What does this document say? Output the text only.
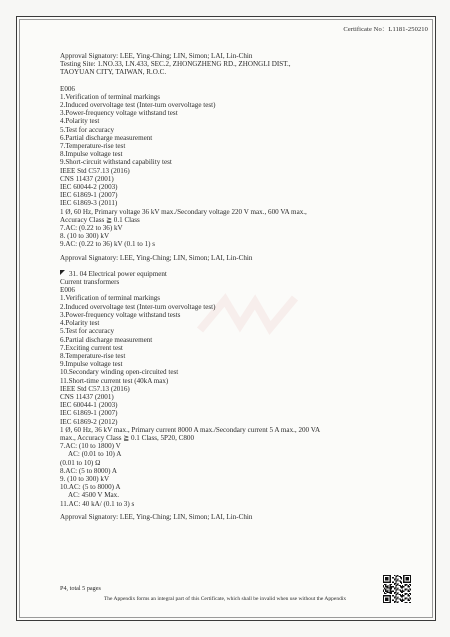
Certificate No：L1181-250210
Approval Signatory: LEE, Ying-Ching; LIN, Simon; LAI, Lin-Chin
Testing Site: 1.NO.33, LN.433, SEC.2, ZHONGZHENG RD., ZHONGLI DIST.,
TAOYUAN CITY, TAIWAN, R.O.C.
E006
1.Verification of terminal markings
2.Induced overvoltage test (Inter-turn overvoltage test)
3.Power-frequency voltage withstand test
4.Polarity test
5.Test for accuracy
6.Partial discharge measurement
7.Temperature-rise test
8.Impulse voltage test
9.Short-circuit withstand capability test
IEEE Std C57.13 (2016)
CNS 11437 (2001)
IEC 60044-2 (2003)
IEC 61869-1 (2007)
IEC 61869-3 (2011)
1 Ø, 60 Hz, Primary voltage 36 kV max./Secondary voltage 220 V max., 600 VA max.,
Accuracy Class ≧ 0.1 Class
7.AC: (0.22 to 36) kV
8. (10 to 300) kV
9.AC: (0.22 to 36) kV (0.1 to 1) s
Approval Signatory: LEE, Ying-Ching; LIN, Simon; LAI, Lin-Chin
31. 04 Electrical power equipment
Current transformers
E006
1.Verification of terminal markings
2.Induced overvoltage test (Inter-turn overvoltage test)
3.Power-frequency voltage withstand tests
4.Polarity test
5.Test for accuracy
6.Partial discharge measurement
7.Exciting current test
8.Temperature-rise test
9.Impulse voltage test
10.Secondary winding open-circuited test
11.Short-time current test (40kA max)
IEEE Std C57.13 (2016)
CNS 11437 (2001)
IEC 60044-1 (2003)
IEC 61869-1 (2007)
IEC 61869-2 (2012)
1 Ø, 60 Hz, 36 kV max., Primary current 8000 A max./Secondary current 5 A max., 200 VA
max., Accuracy Class ≧ 0.1 Class, 5P20, C800
7.AC: (10 to 1800) V
AC: (0.01 to 10) A
(0.01 to 10) Ω
8.AC: (5 to 8000) A
9. (10 to 300) kV
10.AC: (5 to 8000) A
AC: 4500 V Max.
11.AC: 40 kA/ (0.1 to 3) s
Approval Signatory: LEE, Ying-Ching; LIN, Simon; LAI, Lin-Chin
P4, total 5 pages
The Appendix forms an integral part of this Certificate, which shall be invalid when use without the Appendix
